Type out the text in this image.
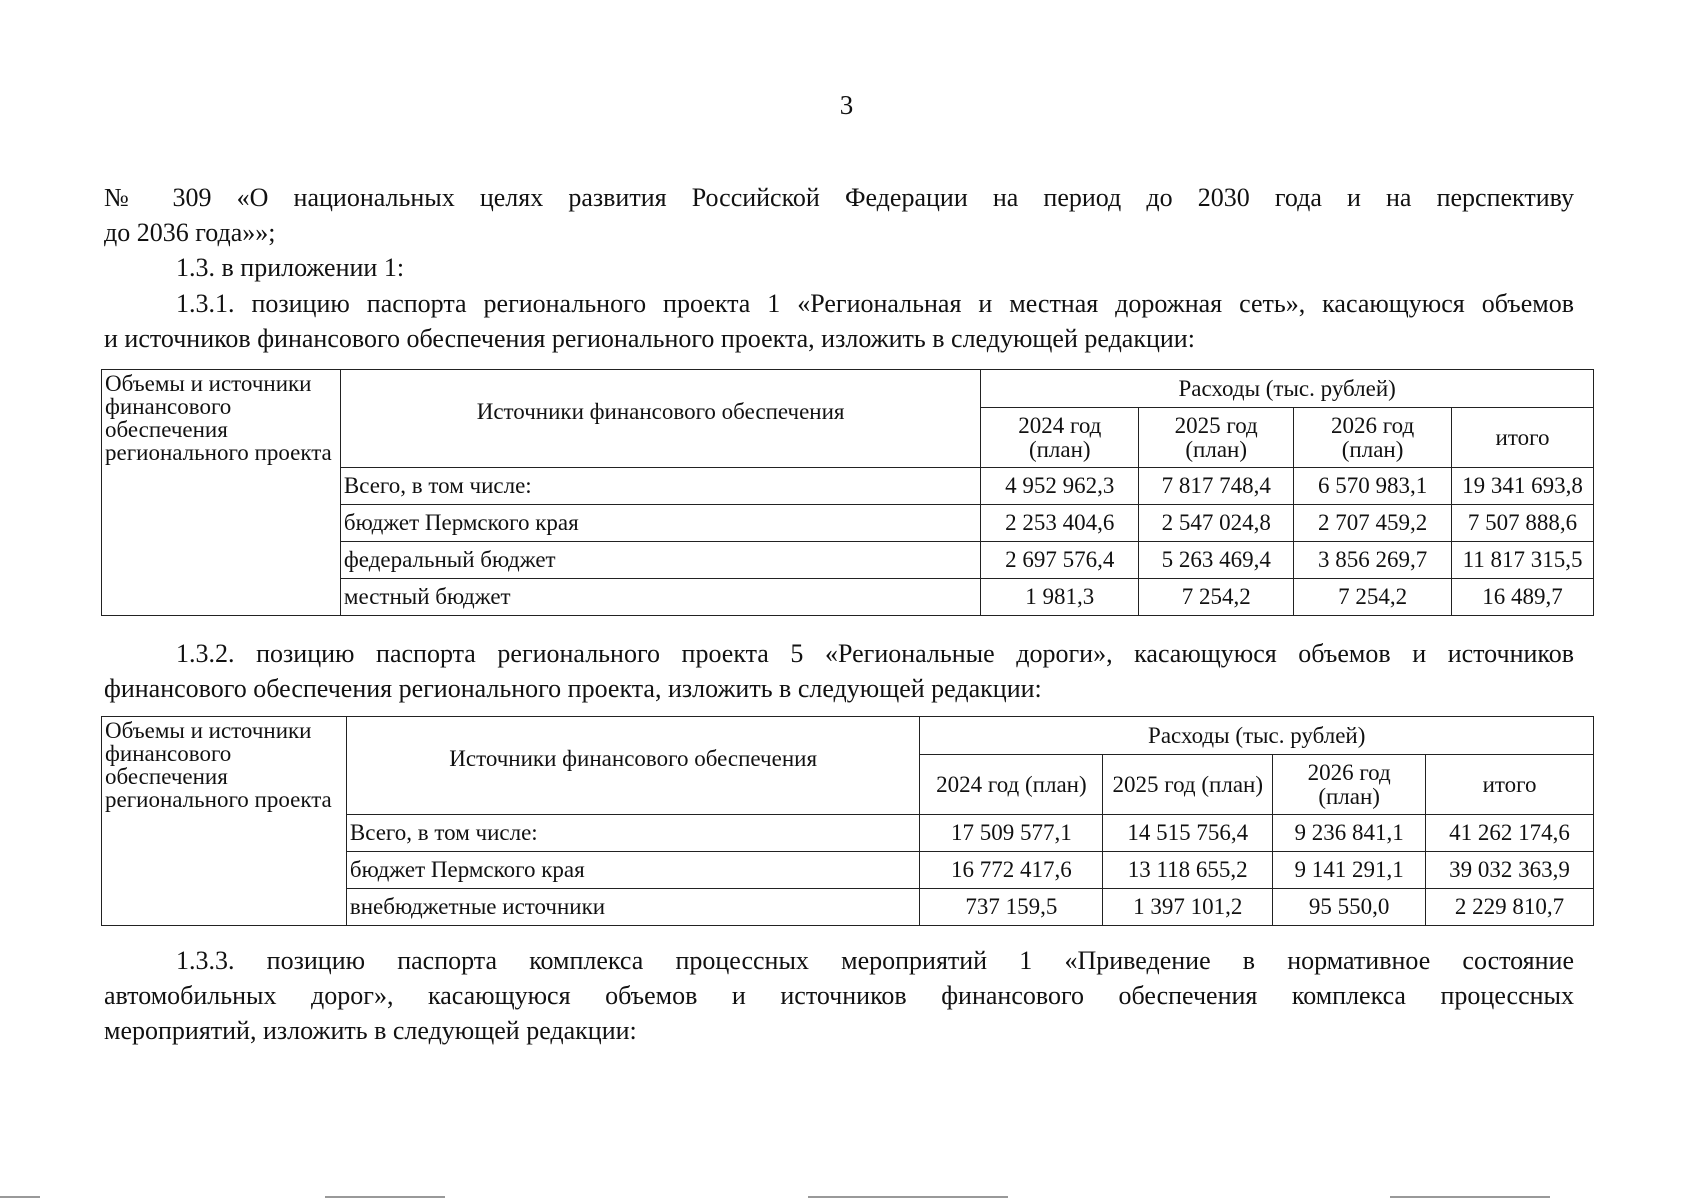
3

№ 309 «О национальных целях развития Российской Федерации на период до 2030 года и на перспективу

до 2036 года»»;

1.3. в приложении 1:

1.3.1. позицию паспорта регионального проекта 1 «Региональная и местная дорожная сеть», касающуюся объемов

и источников финансового обеспечения регионального проекта, изложить в следующей редакции:

Объемы и источники финансового обеспечения регионального проекта	Источники финансового обеспечения	Расходы (тыс. рублей)			
		2024 год (план)	2025 год (план)	2026 год (план)	итого
	Всего, в том числе:	4 952 962,3	7 817 748,4	6 570 983,1	19 341 693,8
	бюджет Пермского края	2 253 404,6	2 547 024,8	2 707 459,2	7 507 888,6
	федеральный бюджет	2 697 576,4	5 263 469,4	3 856 269,7	11 817 315,5
	местный бюджет	1 981,3	7 254,2	7 254,2	16 489,7

1.3.2. позицию паспорта регионального проекта 5 «Региональные дороги», касающуюся объемов и источников

финансового обеспечения регионального проекта, изложить в следующей редакции:

Объемы и источники финансового обеспечения регионального проекта	Источники финансового обеспечения	Расходы (тыс. рублей)			
		2024 год (план)	2025 год (план)	2026 год (план)	итого
	Всего, в том числе:	17 509 577,1	14 515 756,4	9 236 841,1	41 262 174,6
	бюджет Пермского края	16 772 417,6	13 118 655,2	9 141 291,1	39 032 363,9
	внебюджетные источники	737 159,5	1 397 101,2	95 550,0	2 229 810,7

1.3.3. позицию паспорта комплекса процессных мероприятий 1 «Приведение в нормативное состояние

автомобильных дорог», касающуюся объемов и источников финансового обеспечения комплекса процессных

мероприятий, изложить в следующей редакции:
